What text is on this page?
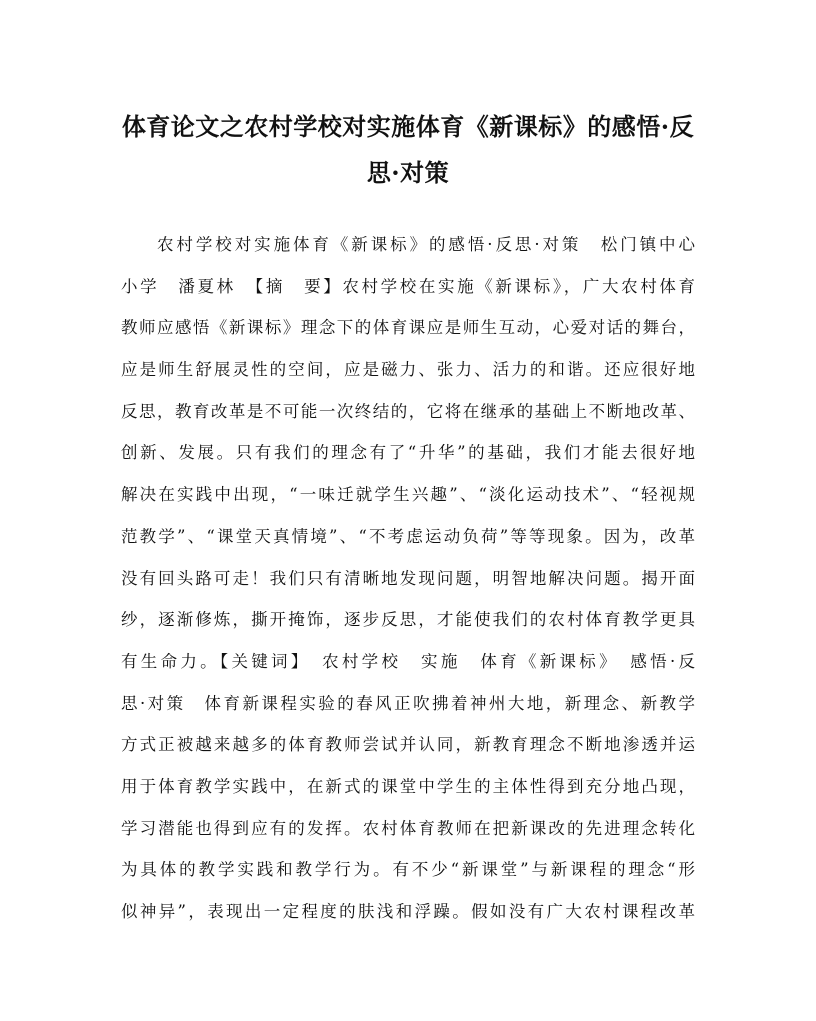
体育论文之农村学校对实施体育《新课标》的感悟·反
思·对策
农村学校对实施体育《新课标》的感悟·反思·对策　松门镇中心
小学　潘夏林　【摘　要】农村学校在实施《新课标》，广大农村体育
教师应感悟《新课标》理念下的体育课应是师生互动，心爱对话的舞台，
应是师生舒展灵性的空间，应是磁力、张力、活力的和谐。还应很好地
反思，教育改革是不可能一次终结的，它将在继承的基础上不断地改革、
创新、发展。只有我们的理念有了“升华”的基础，我们才能去很好地
解决在实践中出现，“一味迁就学生兴趣”、“淡化运动技术”、“轻视规
范教学”、“课堂天真情境”、“不考虑运动负荷”等等现象。因为，改革
没有回头路可走！我们只有清晰地发现问题，明智地解决问题。揭开面
纱，逐渐修炼，撕开掩饰，逐步反思，才能使我们的农村体育教学更具
有生命力。【关键词】　农村学校　实施　体育《新课标》　感悟·反
思·对策　体育新课程实验的春风正吹拂着神州大地，新理念、新教学
方式正被越来越多的体育教师尝试并认同，新教育理念不断地渗透并运
用于体育教学实践中，在新式的课堂中学生的主体性得到充分地凸现，
学习潜能也得到应有的发挥。农村体育教师在把新课改的先进理念转化
为具体的教学实践和教学行为。有不少“新课堂”与新课程的理念“形
似神异”，表现出一定程度的肤浅和浮躁。假如没有广大农村课程改革
